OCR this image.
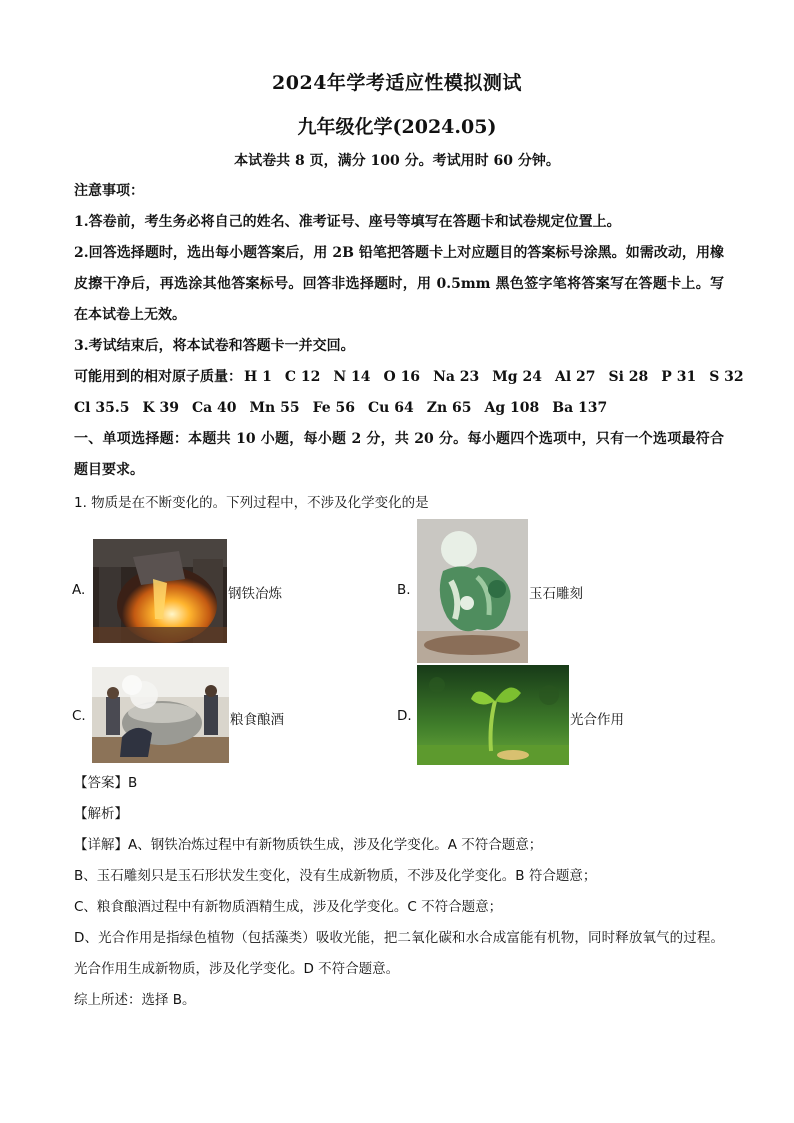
2024年学考适应性模拟测试
九年级化学(2024.05)
本试卷共 8 页，满分 100 分。考试用时 60 分钟。
注意事项：
1.答卷前，考生务必将自己的姓名、准考证号、座号等填写在答题卡和试卷规定位置上。
2.回答选择题时，选出每小题答案后，用 2B 铅笔把答题卡上对应题目的答案标号涂黑。如需改动，用橡皮擦干净后，再选涂其他答案标号。回答非选择题时，用 0.5mm 黑色签字笔将答案写在答题卡上。写在本试卷上无效。
3.考试结束后，将本试卷和答题卡一并交回。
可能用到的相对原子质量： H 1 C 12 N 14 O 16 Na 23 Mg 24 Al 27 Si 28 P 31 S 32
Cl 35.5 K 39 Ca 40 Mn 55 Fe 56 Cu 64 Zn 65 Ag 108 Ba 137
一、单项选择题：本题共 10 小题，每小题 2 分，共 20 分。每小题四个选项中，只有一个选项最符合题目要求。
1. 物质是在不断变化的。下列过程中，不涉及化学变化的是
A.	钢铁冶炼	B.	玉石雕刻
C.	粮食酿酒	D.	光合作用
【答案】B
【解析】
【详解】A、钢铁冶炼过程中有新物质铁生成，涉及化学变化。A 不符合题意；
B、玉石雕刻只是玉石形状发生变化，没有生成新物质，不涉及化学变化。B 符合题意；
C、粮食酿酒过程中有新物质酒精生成，涉及化学变化。C 不符合题意；
D、光合作用是指绿色植物（包括藻类）吸收光能，把二氧化碳和水合成富能有机物，同时释放氧气的过程。光合作用生成新物质，涉及化学变化。D 不符合题意。
综上所述：选择 B。
